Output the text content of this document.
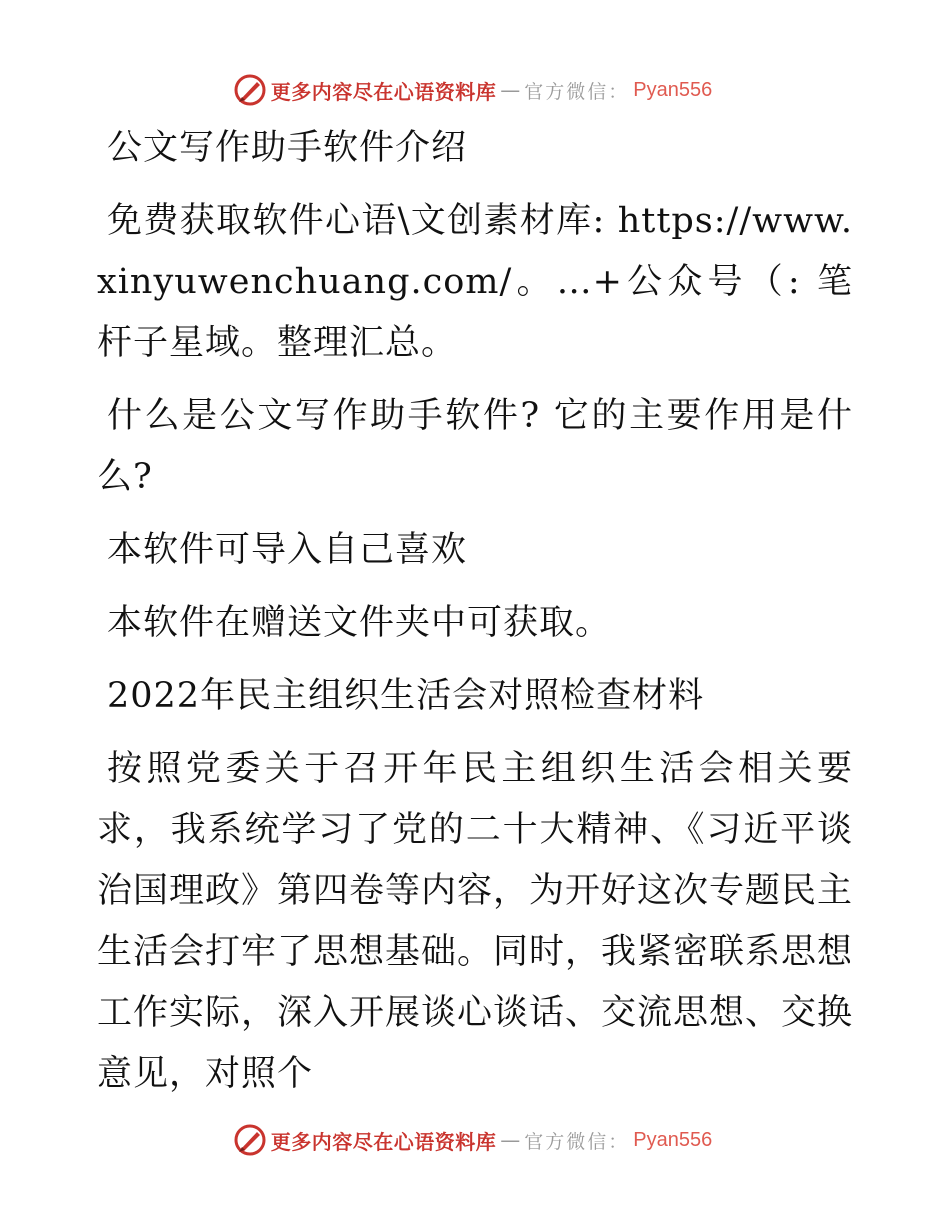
更多内容尽在心语资料库 — 官方微信： Pyan556

公文写作助手软件介绍

免费获取软件心语\文创素材库: https://www.xinyuwenchuang.com/。…+公众号（: 笔杆子星域。整理汇总。

什么是公文写作助手软件? 它的主要作用是什么?

本软件可导入自己喜欢

本软件在赠送文件夹中可获取。

2022年民主组织生活会对照检查材料

按照党委关于召开年民主组织生活会相关要求，我系统学习了党的二十大精神、《习近平谈治国理政》第四卷等内容，为开好这次专题民主生活会打牢了思想基础。同时，我紧密联系思想工作实际，深入开展谈心谈话、交流思想、交换意见，对照个

更多内容尽在心语资料库 — 官方微信： Pyan556
